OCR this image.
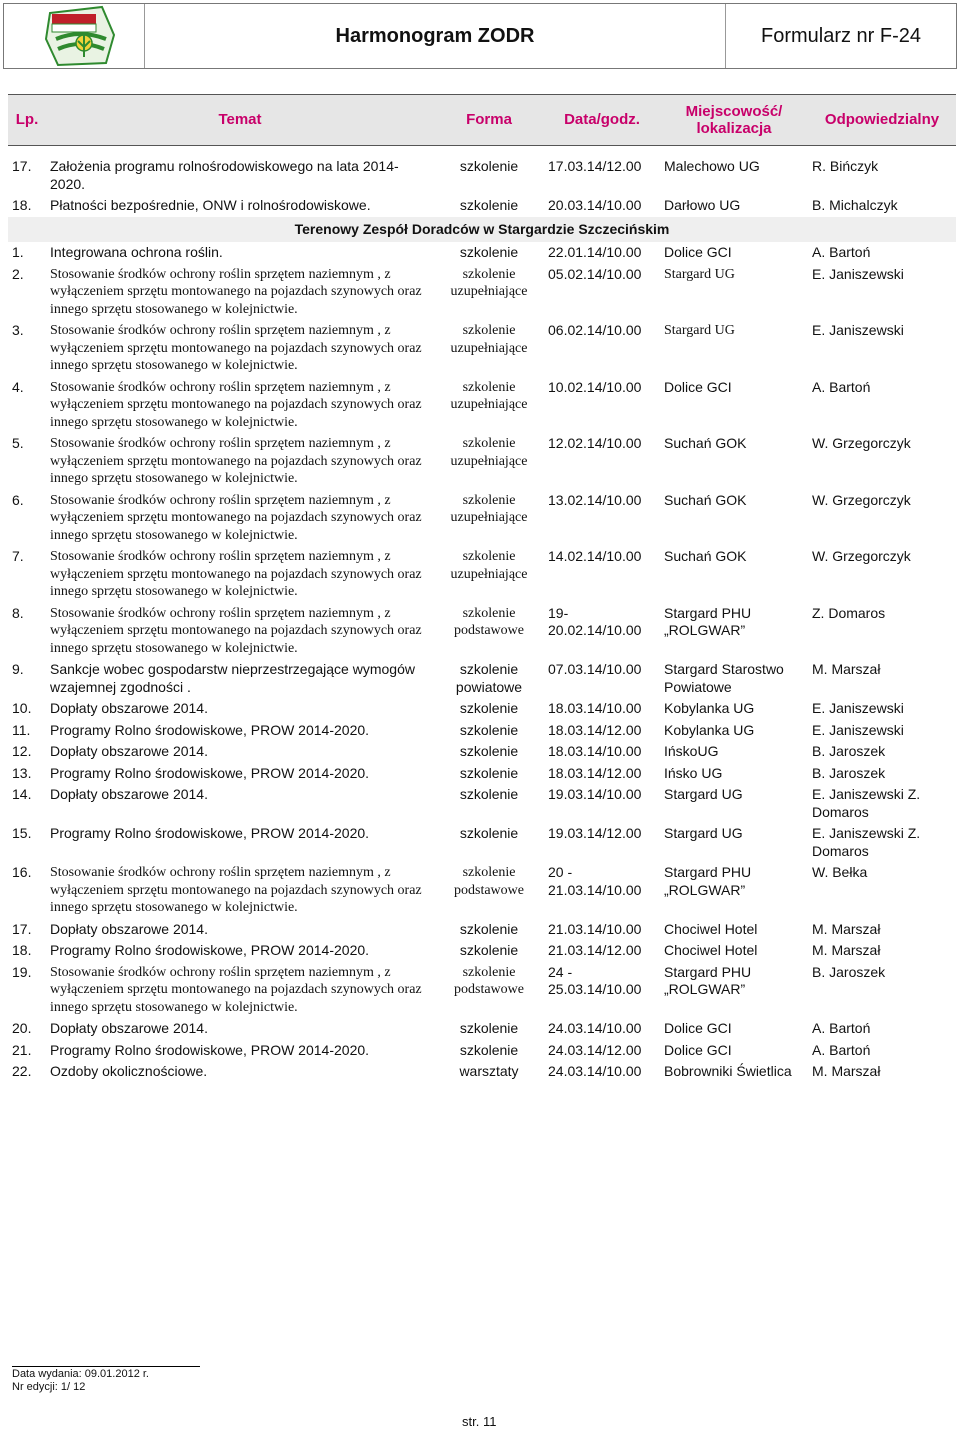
Harmonogram ZODR	Formularz nr F-24
Lp.	Temat	Forma	Data/godz.	Miejscowość/ lokalizacja	Odpowiedzialny

17.	Założenia programu rolnośrodowiskowego na lata 2014-2020.	szkolenie	17.03.14/12.00	Malechowo UG	R. Bińczyk
18.	Płatności bezpośrednie, ONW i rolnośrodowiskowe.	szkolenie	20.03.14/10.00	Darłowo UG	B. Michalczyk
Terenowy Zespół Doradców w Stargardzie Szczecińskim					
1.	Integrowana ochrona roślin.	szkolenie	22.01.14/10.00	Dolice GCI	A. Bartoń
2.	Stosowanie środków ochrony roślin sprzętem naziemnym , z wyłączeniem sprzętu montowanego na pojazdach szynowych oraz innego sprzętu stosowanego w kolejnictwie.	szkolenie uzupełniające	05.02.14/10.00	Stargard UG	E. Janiszewski
3.	Stosowanie środków ochrony roślin sprzętem naziemnym , z wyłączeniem sprzętu montowanego na pojazdach szynowych oraz innego sprzętu stosowanego w kolejnictwie.	szkolenie uzupełniające	06.02.14/10.00	Stargard UG	E. Janiszewski
4.	Stosowanie środków ochrony roślin sprzętem naziemnym , z wyłączeniem sprzętu montowanego na pojazdach szynowych oraz innego sprzętu stosowanego w kolejnictwie.	szkolenie uzupełniające	10.02.14/10.00	Dolice GCI	A. Bartoń
5.	Stosowanie środków ochrony roślin sprzętem naziemnym , z wyłączeniem sprzętu montowanego na pojazdach szynowych oraz innego sprzętu stosowanego w kolejnictwie.	szkolenie uzupełniające	12.02.14/10.00	Suchań GOK	W. Grzegorczyk
6.	Stosowanie środków ochrony roślin sprzętem naziemnym , z wyłączeniem sprzętu montowanego na pojazdach szynowych oraz innego sprzętu stosowanego w kolejnictwie.	szkolenie uzupełniające	13.02.14/10.00	Suchań GOK	W. Grzegorczyk
7.	Stosowanie środków ochrony roślin sprzętem naziemnym , z wyłączeniem sprzętu montowanego na pojazdach szynowych oraz innego sprzętu stosowanego w kolejnictwie.	szkolenie uzupełniające	14.02.14/10.00	Suchań GOK	W. Grzegorczyk
8.	Stosowanie środków ochrony roślin sprzętem naziemnym , z wyłączeniem sprzętu montowanego na pojazdach szynowych oraz innego sprzętu stosowanego w kolejnictwie.	szkolenie podstawowe	19- 20.02.14/10.00	Stargard PHU „ROLGWAR”	Z. Domaros
9.	Sankcje wobec gospodarstw nieprzestrzegające wymogów wzajemnej zgodności .	szkolenie powiatowe	07.03.14/10.00	Stargard Starostwo Powiatowe	M. Marszał
10.	Dopłaty obszarowe 2014.	szkolenie	18.03.14/10.00	Kobylanka UG	E. Janiszewski
11.	Programy Rolno środowiskowe, PROW 2014-2020.	szkolenie	18.03.14/12.00	Kobylanka UG	E. Janiszewski
12.	Dopłaty obszarowe 2014.	szkolenie	18.03.14/10.00	IńskoUG	B. Jaroszek
13.	Programy Rolno środowiskowe, PROW 2014-2020.	szkolenie	18.03.14/12.00	Ińsko UG	B. Jaroszek
14.	Dopłaty obszarowe 2014.	szkolenie	19.03.14/10.00	Stargard UG	E. Janiszewski Z. Domaros
15.	Programy Rolno środowiskowe, PROW 2014-2020.	szkolenie	19.03.14/12.00	Stargard UG	E. Janiszewski Z. Domaros
16.	Stosowanie środków ochrony roślin sprzętem naziemnym , z wyłączeniem sprzętu montowanego na pojazdach szynowych oraz innego sprzętu stosowanego w kolejnictwie.	szkolenie podstawowe	20 - 21.03.14/10.00	Stargard PHU „ROLGWAR”	W. Bełka
17.	Dopłaty obszarowe 2014.	szkolenie	21.03.14/10.00	Chociwel Hotel	M. Marszał
18.	Programy Rolno środowiskowe, PROW 2014-2020.	szkolenie	21.03.14/12.00	Chociwel Hotel	M. Marszał
19.	Stosowanie środków ochrony roślin sprzętem naziemnym , z wyłączeniem sprzętu montowanego na pojazdach szynowych oraz innego sprzętu stosowanego w kolejnictwie.	szkolenie podstawowe	24 - 25.03.14/10.00	Stargard PHU „ROLGWAR”	B. Jaroszek
20.	Dopłaty obszarowe 2014.	szkolenie	24.03.14/10.00	Dolice GCI	A. Bartoń
21.	Programy Rolno środowiskowe, PROW 2014-2020.	szkolenie	24.03.14/12.00	Dolice GCI	A. Bartoń
22.	Ozdoby okolicznościowe.	warsztaty	24.03.14/10.00	Bobrowniki Świetlica	M. Marszał
Data wydania: 09.01.2012 r.
Nr edycji: 1/ 12
str. 11
